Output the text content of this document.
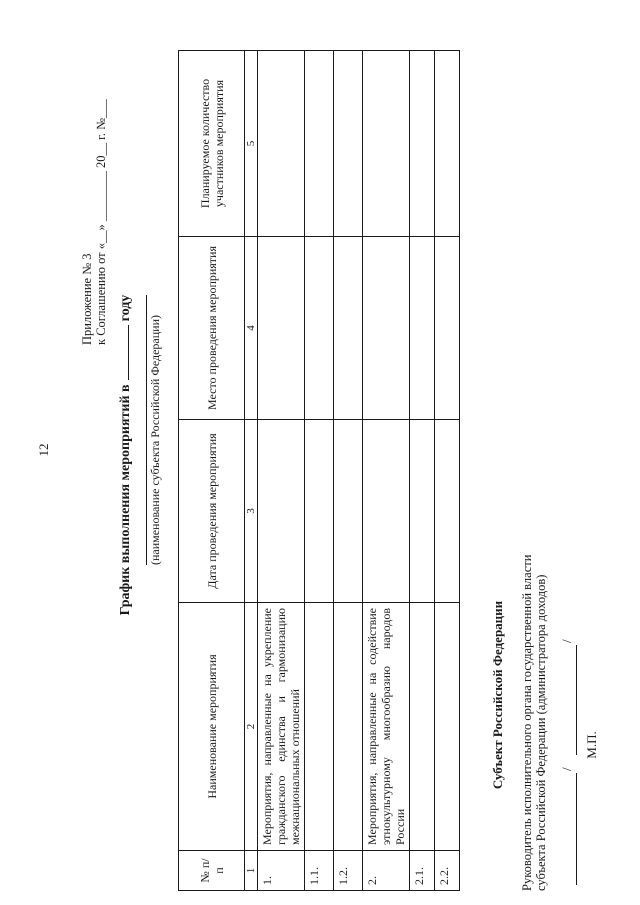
12
Приложение № 3 к Соглашению от «__» ________ 20__ г. №___
График выполнения мероприятий вгоду
(наименование субъекта Российской Федерации)
№ п/п	Наименование мероприятия	Дата проведения мероприятия	Место проведения мероприятия	Планируемое количество участников мероприятия
1	2	3	4	5
1.	Мероприятия, направленные на укрепление гражданского единства и гармонизацию межнациональных отношений			
1.1.				
1.2.				
2.	Мероприятия, направленные на содействие этнокультурному многообразию народов России			
2.1.				
2.2.				
Субъект Российской Федерации Руководитель исполнительного органа государственной власти субъекта Российской Федерации (администратора доходов) /
/
М.П.
